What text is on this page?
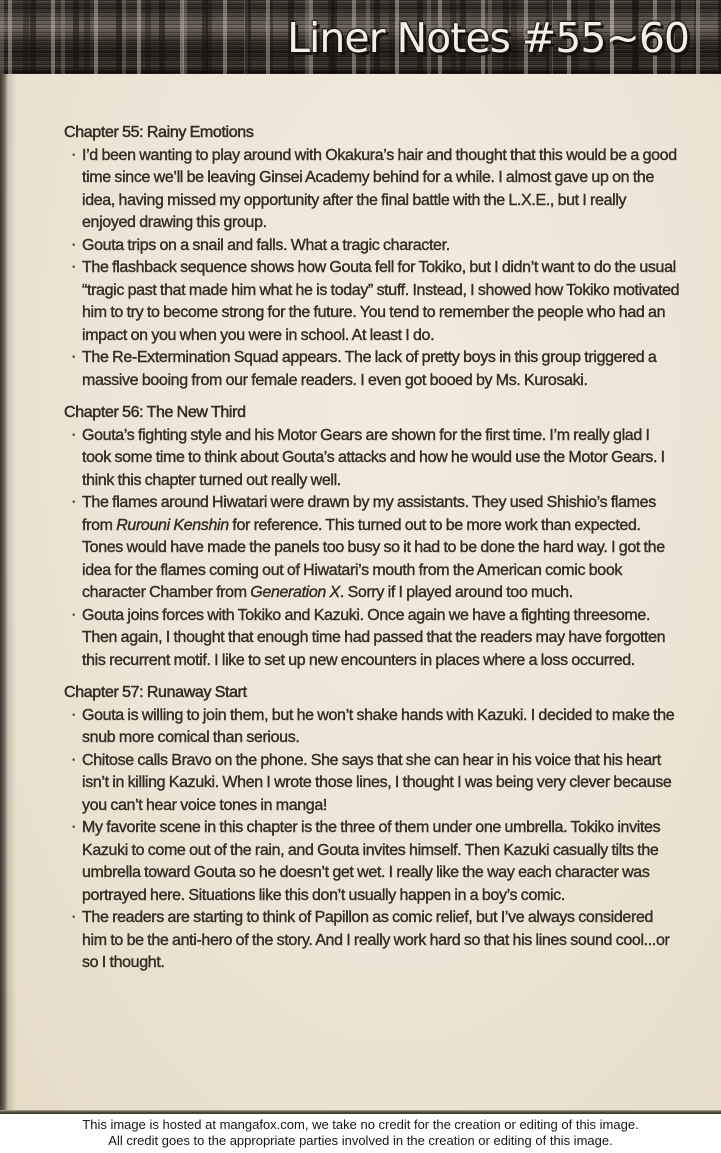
Liner Notes #55~60
Chapter 55: Rainy Emotions
· I’d been wanting to play around with Okakura’s hair and thought that this would be a good time since we’ll be leaving Ginsei Academy behind for a while. I almost gave up on the idea, having missed my opportunity after the final battle with the L.X.E., but I really enjoyed drawing this group.
· Gouta trips on a snail and falls. What a tragic character.
· The flashback sequence shows how Gouta fell for Tokiko, but I didn’t want to do the usual “tragic past that made him what he is today” stuff. Instead, I showed how Tokiko motivated him to try to become strong for the future. You tend to remember the people who had an impact on you when you were in school. At least I do.
· The Re-Extermination Squad appears. The lack of pretty boys in this group triggered a massive booing from our female readers. I even got booed by Ms. Kurosaki.
Chapter 56: The New Third
· Gouta’s fighting style and his Motor Gears are shown for the first time. I’m really glad I took some time to think about Gouta’s attacks and how he would use the Motor Gears. I think this chapter turned out really well.
· The flames around Hiwatari were drawn by my assistants. They used Shishio’s flames from Rurouni Kenshin for reference. This turned out to be more work than expected. Tones would have made the panels too busy so it had to be done the hard way. I got the idea for the flames coming out of Hiwatari’s mouth from the American comic book character Chamber from Generation X. Sorry if I played around too much.
· Gouta joins forces with Tokiko and Kazuki. Once again we have a fighting threesome. Then again, I thought that enough time had passed that the readers may have forgotten this recurrent motif. I like to set up new encounters in places where a loss occurred.
Chapter 57: Runaway Start
· Gouta is willing to join them, but he won’t shake hands with Kazuki. I decided to make the snub more comical than serious.
· Chitose calls Bravo on the phone. She says that she can hear in his voice that his heart isn’t in killing Kazuki. When I wrote those lines, I thought I was being very clever because you can’t hear voice tones in manga!
· My favorite scene in this chapter is the three of them under one umbrella. Tokiko invites Kazuki to come out of the rain, and Gouta invites himself. Then Kazuki casually tilts the umbrella toward Gouta so he doesn’t get wet. I really like the way each character was portrayed here. Situations like this don’t usually happen in a boy’s comic.
· The readers are starting to think of Papillon as comic relief, but I’ve always considered him to be the anti-hero of the story. And I really work hard so that his lines sound cool...or so I thought.
This image is hosted at mangafox.com, we take no credit for the creation or editing of this image.
All credit goes to the appropriate parties involved in the creation or editing of this image.
